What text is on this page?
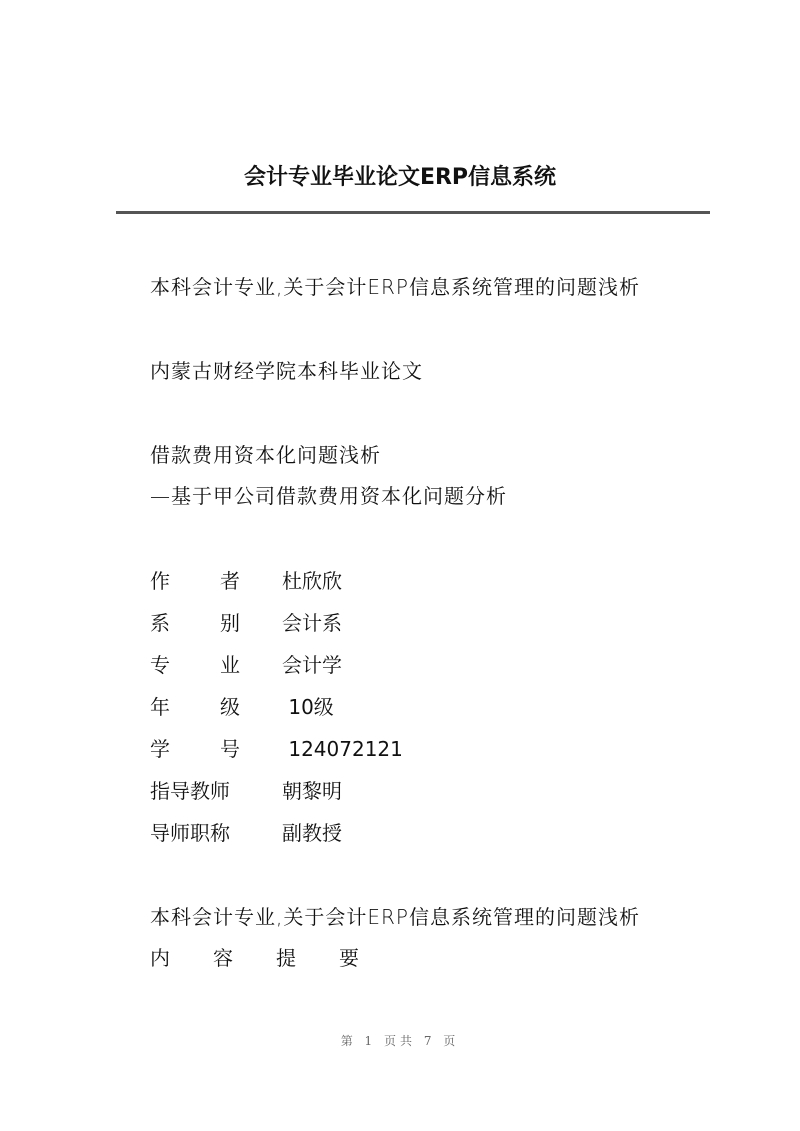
会计专业毕业论文ERP信息系统
本科会计专业,关于会计ERP信息系统管理的问题浅析
内蒙古财经学院本科毕业论文
借款费用资本化问题浅析
—基于甲公司借款费用资本化问题分析
作	者 杜欣欣
系	别 会计系
专	业 会计学
年	级 10级
学	号 124072121
指导教师	朝黎明
导师职称	副教授
本科会计专业,关于会计ERP信息系统管理的问题浅析
内 容 提 要
第 1 页共 7 页
